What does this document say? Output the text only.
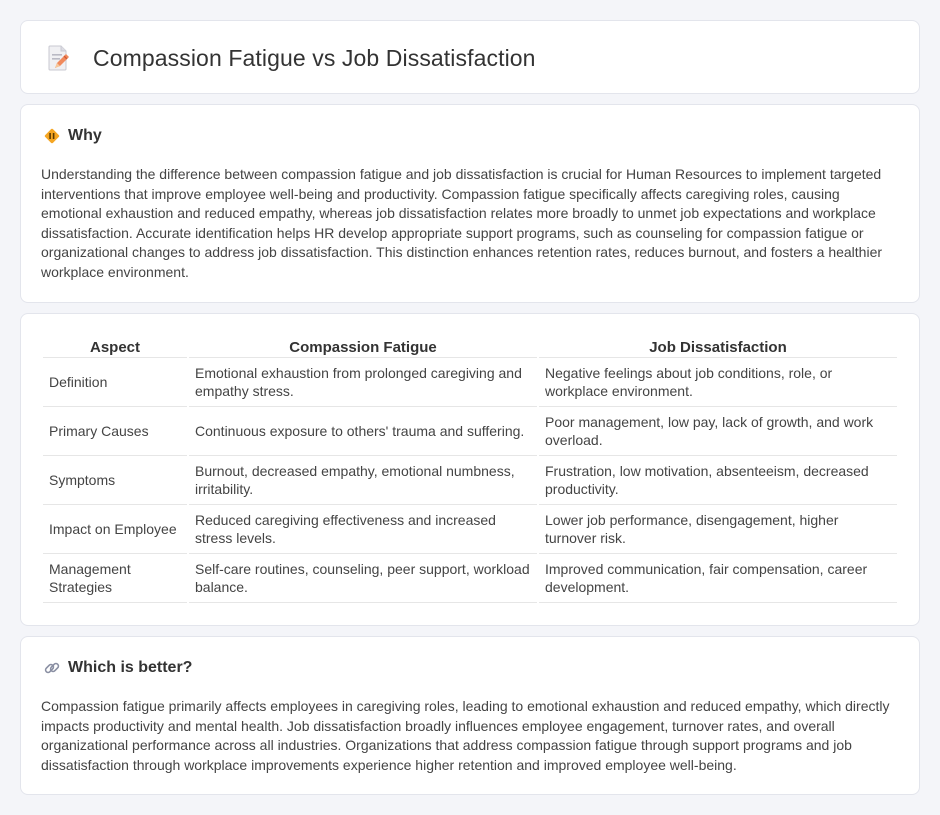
Compassion Fatigue vs Job Dissatisfaction
Why

Understanding the difference between compassion fatigue and job dissatisfaction is crucial for Human Resources to implement targeted interventions that improve employee well-being and productivity. Compassion fatigue specifically affects caregiving roles, causing emotional exhaustion and reduced empathy, whereas job dissatisfaction relates more broadly to unmet job expectations and workplace dissatisfaction. Accurate identification helps HR develop appropriate support programs, such as counseling for compassion fatigue or organizational changes to address job dissatisfaction. This distinction enhances retention rates, reduces burnout, and fosters a healthier workplace environment.

Aspect	Compassion Fatigue	Job Dissatisfaction
Definition	Emotional exhaustion from prolonged caregiving and empathy stress.	Negative feelings about job conditions, role, or workplace environment.
Primary Causes	Continuous exposure to others' trauma and suffering.	Poor management, low pay, lack of growth, and work overload.
Symptoms	Burnout, decreased empathy, emotional numbness, irritability.	Frustration, low motivation, absenteeism, decreased productivity.
Impact on Employee	Reduced caregiving effectiveness and increased stress levels.	Lower job performance, disengagement, higher turnover risk.
Management Strategies	Self-care routines, counseling, peer support, workload balance.	Improved communication, fair compensation, career development.
Which is better?

Compassion fatigue primarily affects employees in caregiving roles, leading to emotional exhaustion and reduced empathy, which directly impacts productivity and mental health. Job dissatisfaction broadly influences employee engagement, turnover rates, and overall organizational performance across all industries. Organizations that address compassion fatigue through support programs and job dissatisfaction through workplace improvements experience higher retention and improved employee well-being.
